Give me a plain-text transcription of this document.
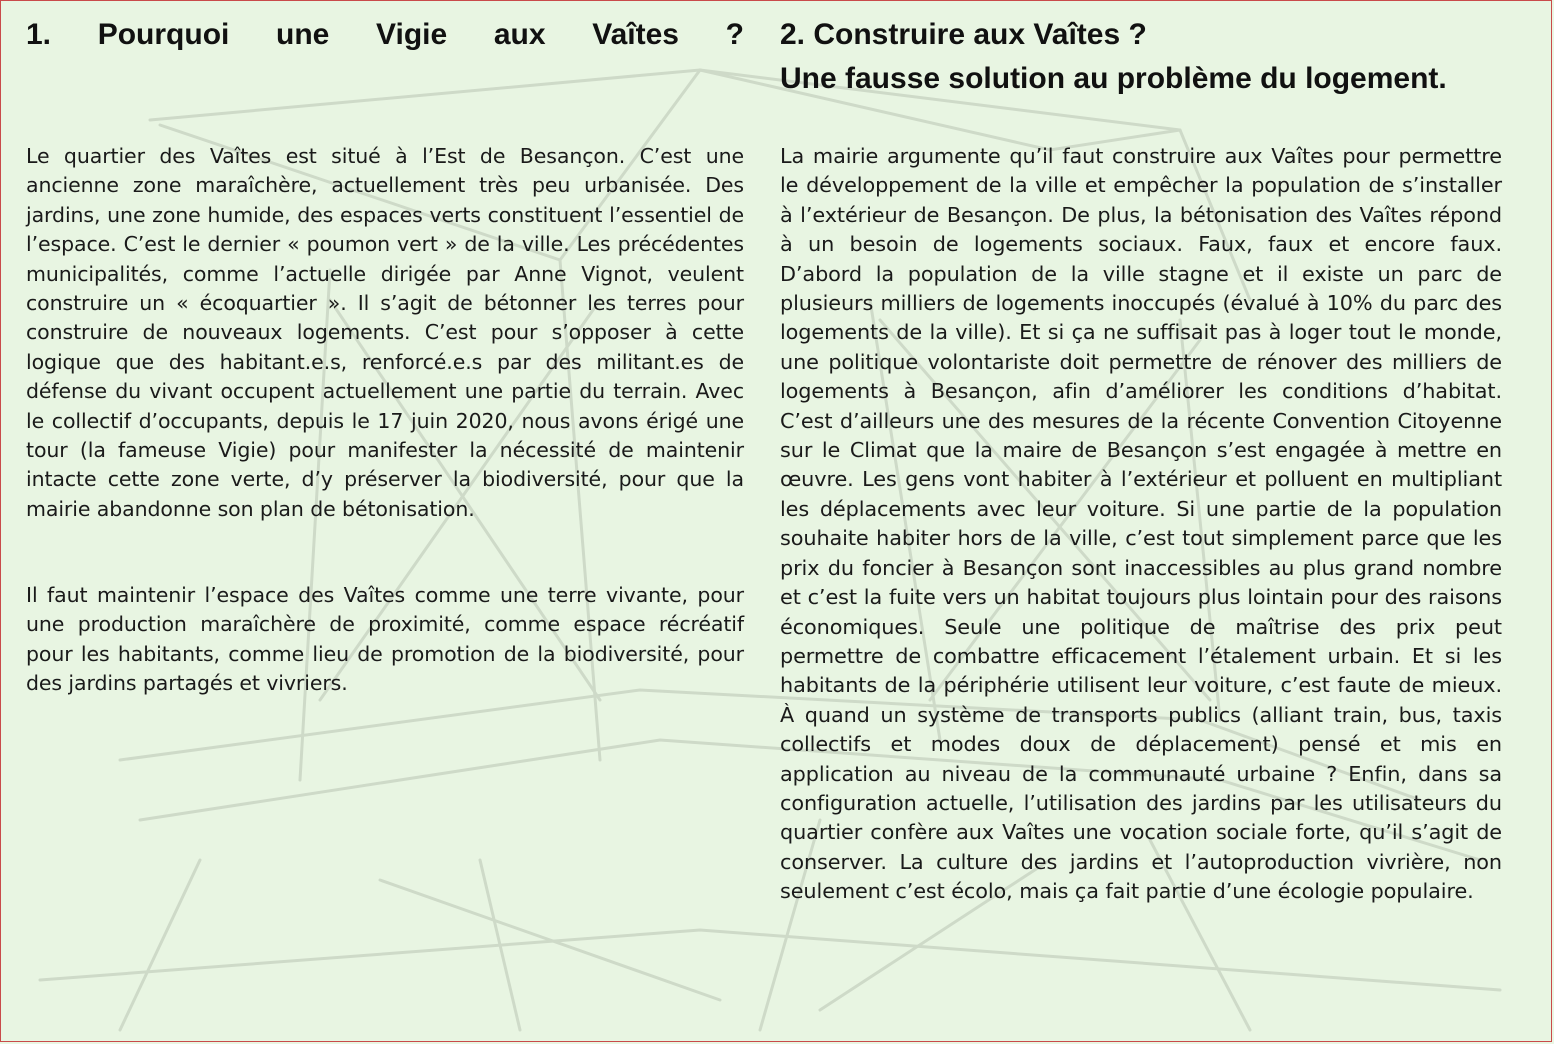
1. Pourquoi une Vigie aux Vaîtes ?

Le quartier des Vaîtes est situé à l’Est de Besançon. C’est une ancienne zone maraîchère, actuellement très peu urbanisée. Des jardins, une zone humide, des espaces verts constituent l’essentiel de l’espace. C’est le dernier « poumon vert » de la ville. Les précédentes municipalités, comme l’actuelle dirigée par Anne Vignot, veulent construire un « écoquartier ». Il s’agit de bétonner les terres pour construire de nouveaux logements. C’est pour s’opposer à cette logique que des habitant.e.s, renforcé.e.s par des militant.es de défense du vivant occupent actuellement une partie du terrain. Avec le collectif d’occupants, depuis le 17 juin 2020, nous avons érigé une tour (la fameuse Vigie) pour manifester la nécessité de maintenir intacte cette zone verte, d’y préserver la biodiversité, pour que la mairie abandonne son plan de bétonisation.

Il faut maintenir l’espace des Vaîtes comme une terre vivante, pour une production maraîchère de proximité, comme espace récréatif pour les habitants, comme lieu de promotion de la biodiversité, pour des jardins partagés et vivriers.

2. Construire aux Vaîtes ?
Une fausse solution au problème du logement.

La mairie argumente qu’il faut construire aux Vaîtes pour permettre le développement de la ville et empêcher la population de s’installer à l’extérieur de Besançon. De plus, la bétonisation des Vaîtes répond à un besoin de logements sociaux. Faux, faux et encore faux. D’abord la population de la ville stagne et il existe un parc de plusieurs milliers de logements inoccupés (évalué à 10% du parc des logements de la ville). Et si ça ne suffisait pas à loger tout le monde, une politique volontariste doit permettre de rénover des milliers de logements à Besançon, afin d’améliorer les conditions d’habitat. C’est d’ailleurs une des mesures de la récente Convention Citoyenne sur le Climat que la maire de Besançon s’est engagée à mettre en œuvre. Les gens vont habiter à l’extérieur et polluent en multipliant les déplacements avec leur voiture. Si une partie de la population souhaite habiter hors de la ville, c’est tout simplement parce que les prix du foncier à Besançon sont inaccessibles au plus grand nombre et c’est la fuite vers un habitat toujours plus lointain pour des raisons économiques. Seule une politique de maîtrise des prix peut permettre de combattre efficacement l’étalement urbain. Et si les habitants de la périphérie utilisent leur voiture, c’est faute de mieux. À quand un système de transports publics (alliant train, bus, taxis collectifs et modes doux de déplacement) pensé et mis en application au niveau de la communauté urbaine ? Enfin, dans sa configuration actuelle, l’utilisation des jardins par les utilisateurs du quartier confère aux Vaîtes une vocation sociale forte, qu’il s’agit de conserver. La culture des jardins et l’autoproduction vivrière, non seulement c’est écolo, mais ça fait partie d’une écologie populaire.
